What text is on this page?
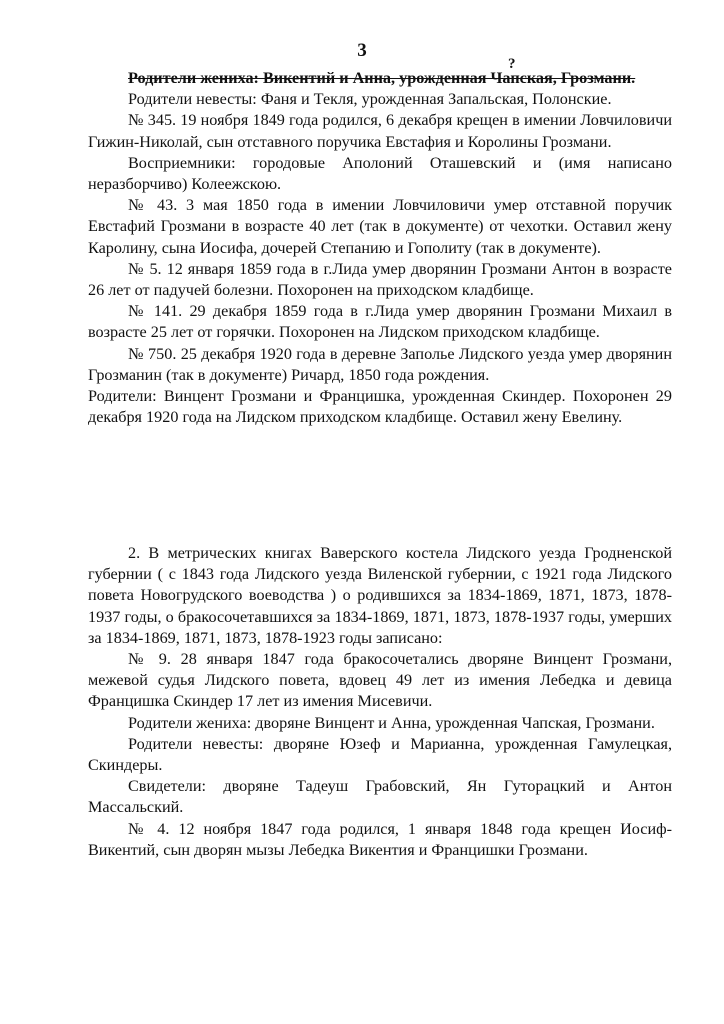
3
?

Родители жениха: Викентий и Анна, урожденная Чапская, Грозмани.

Родители невесты: Фаня и Текля, урожденная Запальская, Полонские.

№ 345. 19 ноября 1849 года родился, 6 декабря крещен в имении Ловчиловичи Гижин-Николай, сын отставного поручика Евстафия и Королины Грозмани.

Восприемники: городовые Аполоний Оташевский и (имя написано неразборчиво) Колеежскою.

№ 43. 3 мая 1850 года в имении Ловчиловичи умер отставной поручик Евстафий Грозмани в возрасте 40 лет (так в документе) от чехотки. Оставил жену Каролину, сына Иосифа, дочерей Степанию и Гополиту (так в документе).

№ 5. 12 января 1859 года в г.Лида умер дворянин Грозмани Антон в возрасте 26 лет от падучей болезни. Похоронен на приходском кладбище.

№ 141. 29 декабря 1859 года в г.Лида умер дворянин Грозмани Михаил в возрасте 25 лет от горячки. Похоронен на Лидском приходском кладбище.

№ 750. 25 декабря 1920 года в деревне Заполье Лидского уезда умер дворянин Грозманин (так в документе) Ричард, 1850 года рождения.

Родители: Винцент Грозмани и Францишка, урожденная Скиндер. Похоронен 29 декабря 1920 года на Лидском приходском кладбище. Оставил жену Евелину.

2. В метрических книгах Ваверского костела Лидского уезда Гродненской губернии ( с 1843 года Лидского уезда Виленской губернии, с 1921 года Лидского повета Новогрудского воеводства ) о родившихся за 1834-1869, 1871, 1873, 1878-1937 годы, о бракосочетавшихся за 1834-1869, 1871, 1873, 1878-1937 годы, умерших за 1834-1869, 1871, 1873, 1878-1923 годы записано:

№ 9. 28 января 1847 года бракосочетались дворяне Винцент Грозмани, межевой судья Лидского повета, вдовец 49 лет из имения Лебедка и девица Францишка Скиндер 17 лет из имения Мисевичи.

Родители жениха: дворяне Винцент и Анна, урожденная Чапская, Грозмани.

Родители невесты: дворяне Юзеф и Марианна, урожденная Гамулецкая, Скиндеры.

Свидетели: дворяне Тадеуш Грабовский, Ян Гуторацкий и Антон Массальский.

№ 4. 12 ноября 1847 года родился, 1 января 1848 года крещен Иосиф-Викентий, сын дворян мызы Лебедка Викентия и Францишки Грозмани.
